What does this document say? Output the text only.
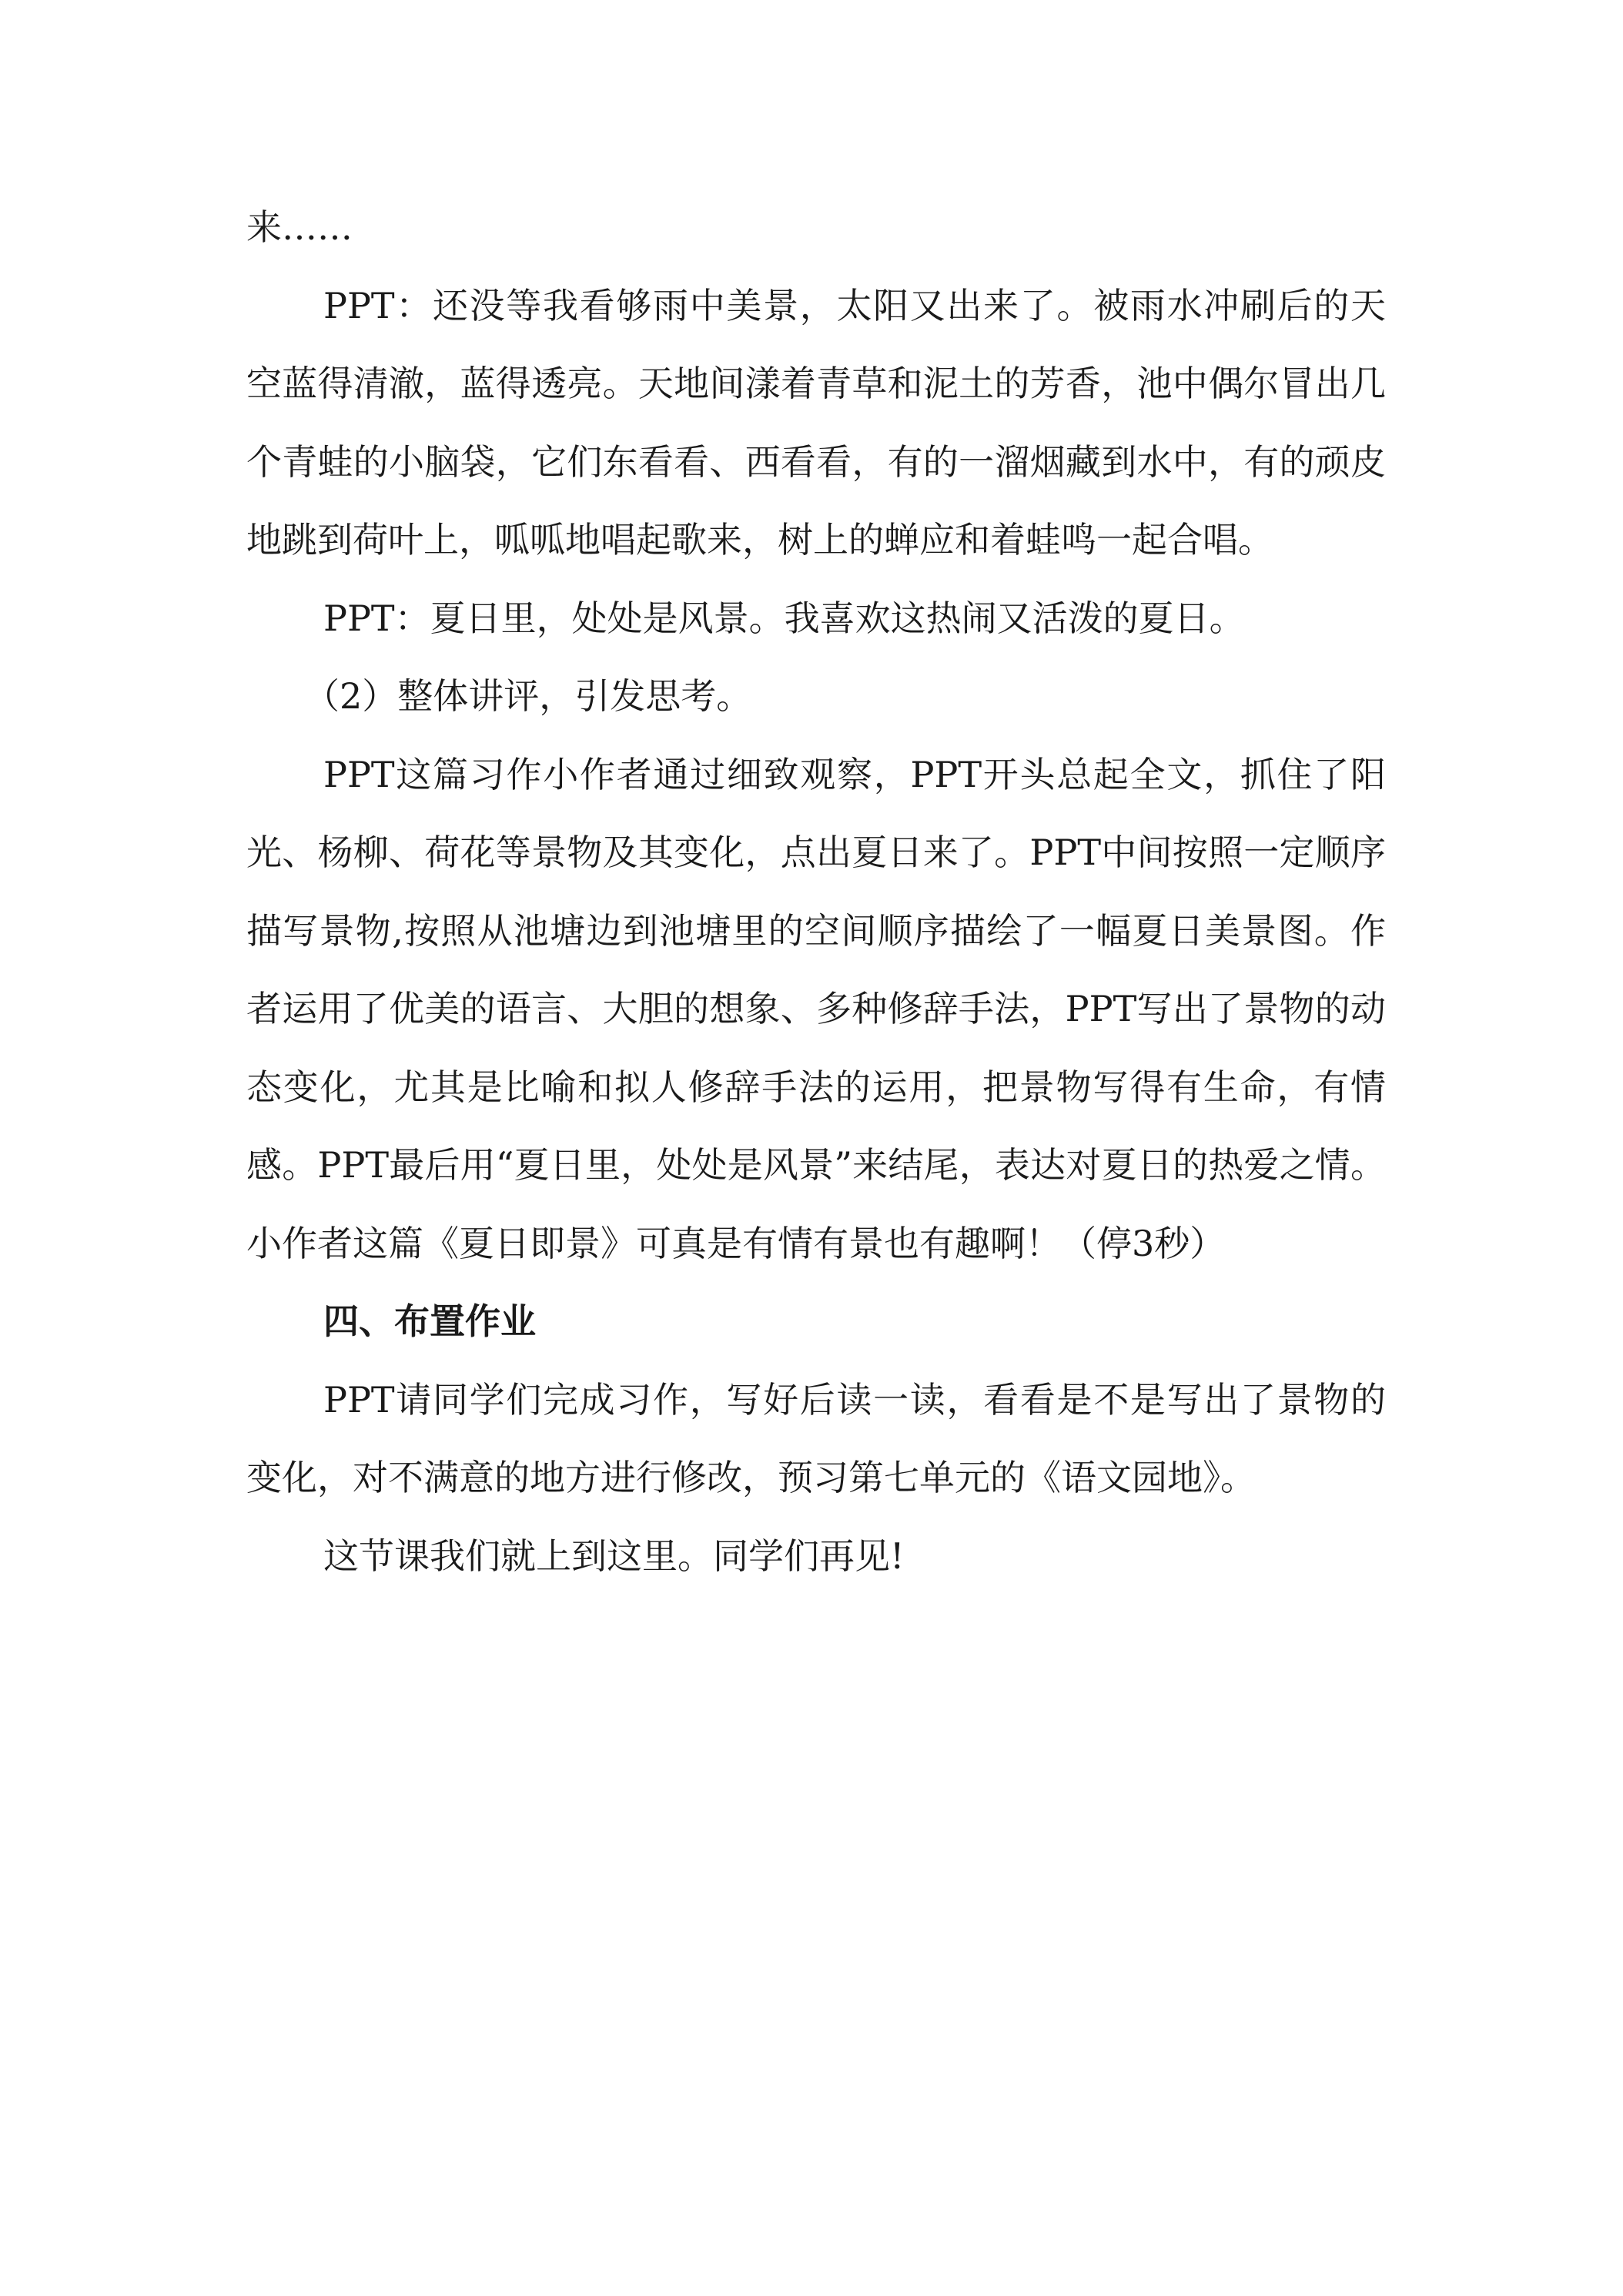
来……

PPT：还没等我看够雨中美景，太阳又出来了。被雨水冲刷后的天空蓝得清澈，蓝得透亮。天地间漾着青草和泥土的芳香，池中偶尔冒出几个青蛙的小脑袋，它们东看看、西看看，有的一溜烟藏到水中，有的顽皮地跳到荷叶上，呱呱地唱起歌来，树上的蝉应和着蛙鸣一起合唱。

PPT：夏日里，处处是风景。我喜欢这热闹又活泼的夏日。

（2）整体讲评，引发思考。

PPT这篇习作小作者通过细致观察，PPT开头总起全文，抓住了阳光、杨柳、荷花等景物及其变化，点出夏日来了。PPT中间按照一定顺序描写景物,按照从池塘边到池塘里的空间顺序描绘了一幅夏日美景图。作者运用了优美的语言、大胆的想象、多种修辞手法，PPT写出了景物的动态变化，尤其是比喻和拟人修辞手法的运用，把景物写得有生命，有情感。PPT最后用“夏日里，处处是风景”来结尾，表达对夏日的热爱之情。小作者这篇《夏日即景》可真是有情有景也有趣啊！（停3秒）

四、布置作业

PPT请同学们完成习作，写好后读一读，看看是不是写出了景物的变化，对不满意的地方进行修改，预习第七单元的《语文园地》。

这节课我们就上到这里。同学们再见!
